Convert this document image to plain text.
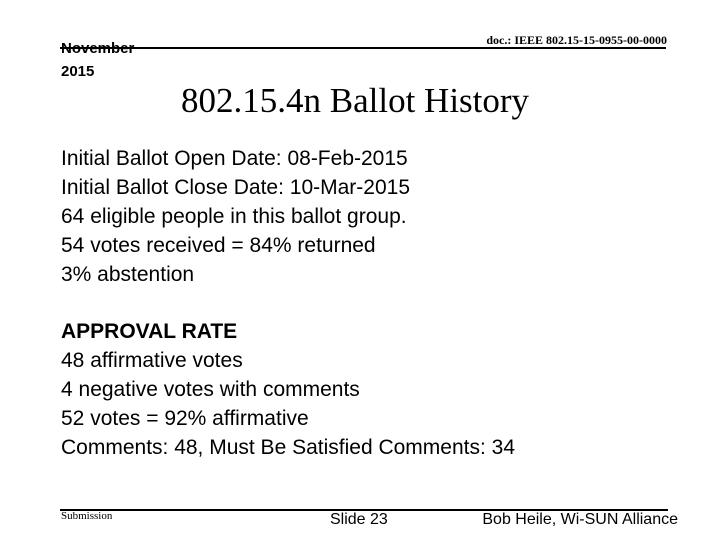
November
2015
doc.: IEEE 802.15-15-0955-00-0000
802.15.4n Ballot History
Initial Ballot Open Date: 08-Feb-2015
Initial Ballot Close Date: 10-Mar-2015
64 eligible people in this ballot group.
54 votes received = 84% returned
3% abstention
APPROVAL RATE
48 affirmative votes
4 negative votes with comments
52 votes = 92% affirmative
Comments: 48, Must Be Satisfied Comments: 34
Submission	Slide 23	Bob Heile, Wi-SUN Alliance
